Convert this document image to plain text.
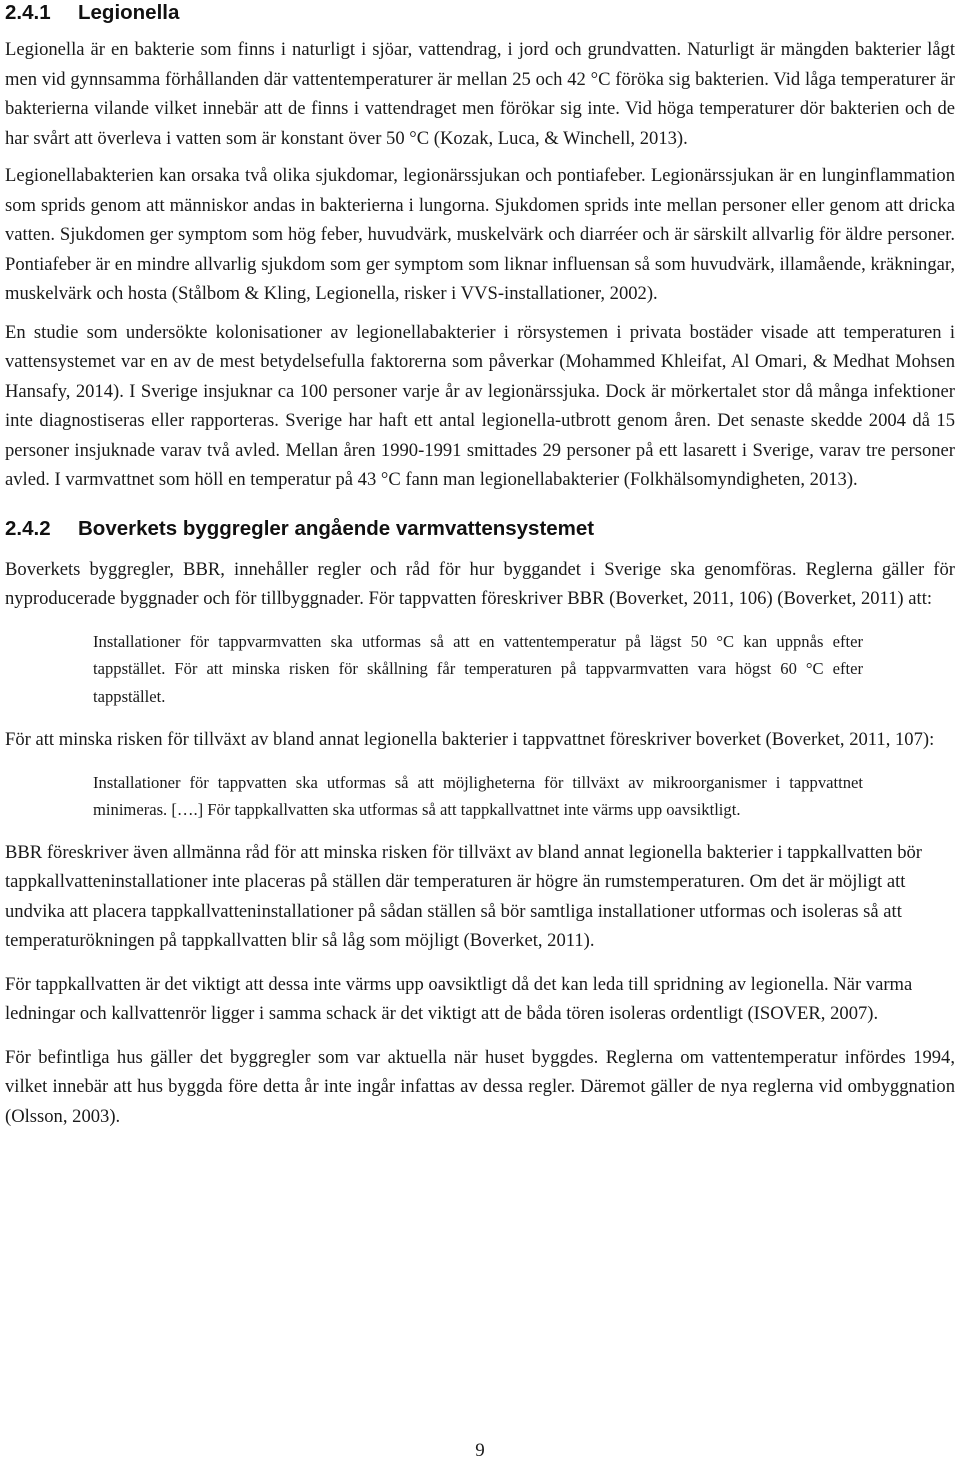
2.4.1 Legionella

Legionella är en bakterie som finns i naturligt i sjöar, vattendrag, i jord och grundvatten. Naturligt är mängden bakterier lågt men vid gynnsamma förhållanden där vattentemperaturer är mellan 25 och 42 °C föröka sig bakterien. Vid låga temperaturer är bakterierna vilande vilket innebär att de finns i vattendraget men förökar sig inte. Vid höga temperaturer dör bakterien och de har svårt att överleva i vatten som är konstant över 50 °C (Kozak, Luca, & Winchell, 2013).

Legionellabakterien kan orsaka två olika sjukdomar, legionärssjukan och pontiafeber. Legionärssjukan är en lunginflammation som sprids genom att människor andas in bakterierna i lungorna. Sjukdomen sprids inte mellan personer eller genom att dricka vatten. Sjukdomen ger symptom som hög feber, huvudvärk, muskelvärk och diarréer och är särskilt allvarlig för äldre personer. Pontiafeber är en mindre allvarlig sjukdom som ger symptom som liknar influensan så som huvudvärk, illamående, kräkningar, muskelvärk och hosta (Stålbom & Kling, Legionella, risker i VVS-installationer, 2002).

En studie som undersökte kolonisationer av legionellabakterier i rörsystemen i privata bostäder visade att temperaturen i vattensystemet var en av de mest betydelsefulla faktorerna som påverkar (Mohammed Khleifat, Al Omari, & Medhat Mohsen Hansafy, 2014). I Sverige insjuknar ca 100 personer varje år av legionärssjuka. Dock är mörkertalet stor då många infektioner inte diagnostiseras eller rapporteras. Sverige har haft ett antal legionella-utbrott genom åren. Det senaste skedde 2004 då 15 personer insjuknade varav två avled. Mellan åren 1990-1991 smittades 29 personer på ett lasarett i Sverige, varav tre personer avled. I varmvattnet som höll en temperatur på 43 °C fann man legionellabakterier (Folkhälsomyndigheten, 2013).

2.4.2 Boverkets byggregler angående varmvattensystemet

Boverkets byggregler, BBR, innehåller regler och råd för hur byggandet i Sverige ska genomföras. Reglerna gäller för nyproducerade byggnader och för tillbyggnader. För tappvatten föreskriver BBR (Boverket, 2011, 106) (Boverket, 2011) att:

Installationer för tappvarmvatten ska utformas så att en vattentemperatur på lägst 50 °C kan uppnås efter tappstället. För att minska risken för skållning får temperaturen på tappvarmvatten vara högst 60 °C efter tappstället.

För att minska risken för tillväxt av bland annat legionella bakterier i tappvattnet föreskriver boverket (Boverket, 2011, 107):

Installationer för tappvatten ska utformas så att möjligheterna för tillväxt av mikroorganismer i tappvattnet minimeras. [….] För tappkallvatten ska utformas så att tappkallvattnet inte värms upp oavsiktligt.

BBR föreskriver även allmänna råd för att minska risken för tillväxt av bland annat legionella bakterier i tappkallvatten bör tappkallvatteninstallationer inte placeras på ställen där temperaturen är högre än rumstemperaturen. Om det är möjligt att undvika att placera tappkallvatteninstallationer på sådan ställen så bör samtliga installationer utformas och isoleras så att temperaturökningen på tappkallvatten blir så låg som möjligt (Boverket, 2011).

För tappkallvatten är det viktigt att dessa inte värms upp oavsiktligt då det kan leda till spridning av legionella. När varma ledningar och kallvattenrör ligger i samma schack är det viktigt att de båda tören isoleras ordentligt (ISOVER, 2007).

För befintliga hus gäller det byggregler som var aktuella när huset byggdes. Reglerna om vattentemperatur infördes 1994, vilket innebär att hus byggda före detta år inte ingår infattas av dessa regler. Däremot gäller de nya reglerna vid ombyggnation (Olsson, 2003).

9
